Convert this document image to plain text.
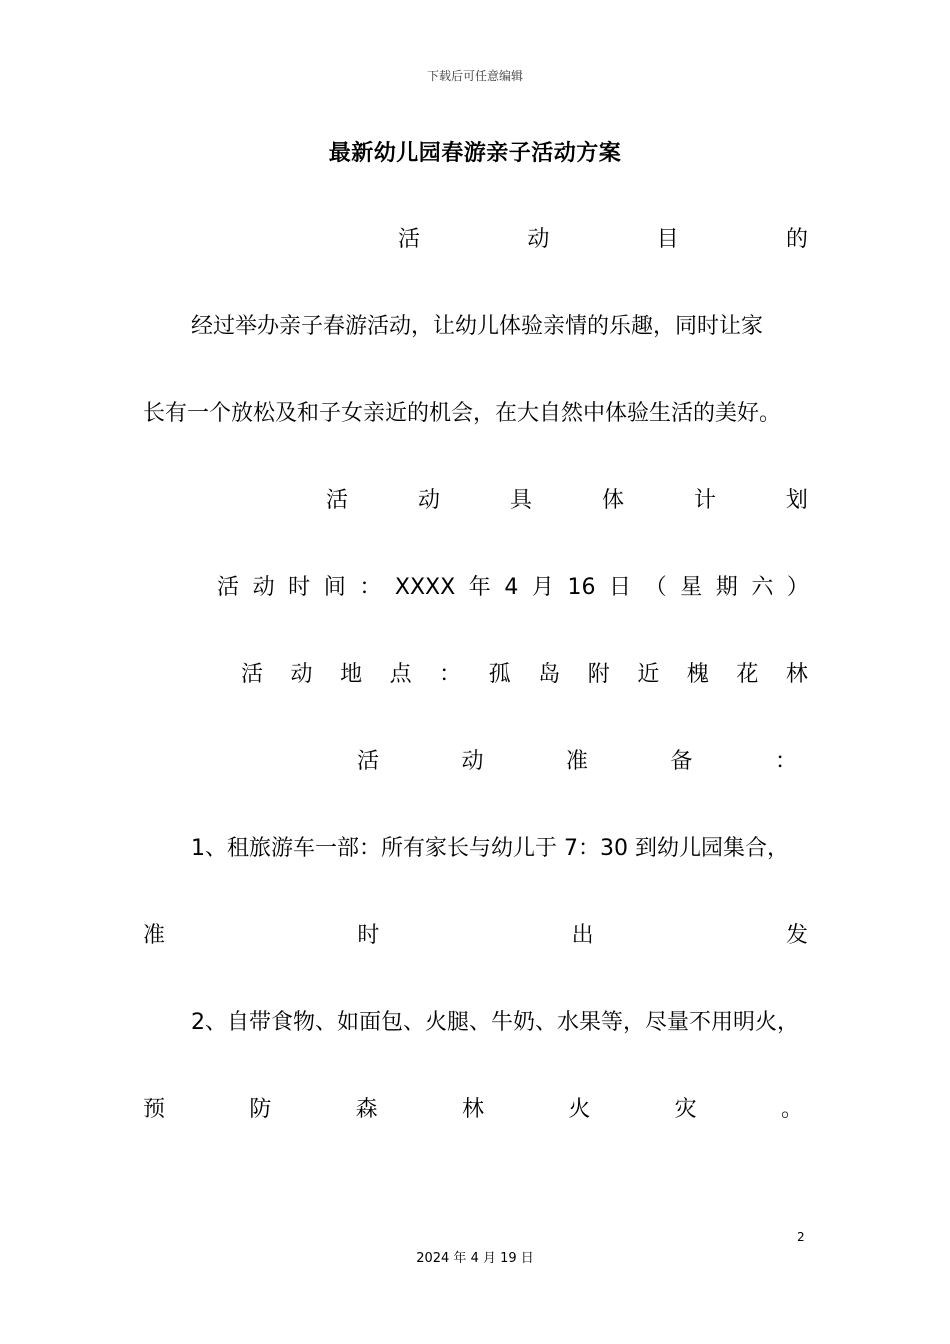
下载后可任意编辑
最新幼儿园春游亲子活动方案
活	动	目	的
经过举办亲子春游活动，让幼儿体验亲情的乐趣，同时让家
长有一个放松及和子女亲近的机会，在大自然中体验生活的美好。
活	动	具	体	计	划
活 动 时 间 ： XXXX 年 4 月 16 日 （ 星 期 六 ）
活 动 地 点 ： 孤 岛 附 近 槐 花 林
活	动	准	备	：
1、租旅游车一部：所有家长与幼儿于 7：30 到幼儿园集合，
准	时	出	发
2、自带食物、如面包、火腿、牛奶、水果等，尽量不用明火，
预	防	森	林	火	灾	。
2
2024 年 4 月 19 日
